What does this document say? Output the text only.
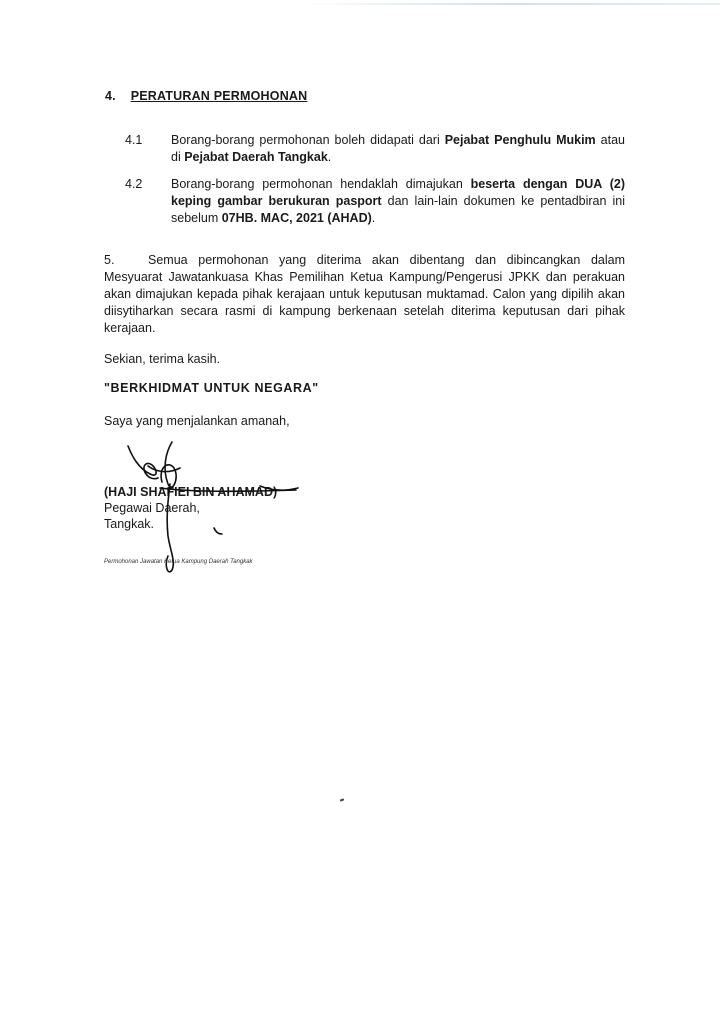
4. PERATURAN PERMOHONAN
4.1	Borang-borang permohonan boleh didapati dari Pejabat Penghulu Mukim atau di Pejabat Daerah Tangkak.
4.2	Borang-borang permohonan hendaklah dimajukan beserta dengan DUA (2) keping gambar berukuran pasport dan lain-lain dokumen ke pentadbiran ini sebelum 07HB. MAC, 2021 (AHAD).
5.	Semua permohonan yang diterima akan dibentang dan dibincangkan dalam Mesyuarat Jawatankuasa Khas Pemilihan Ketua Kampung/Pengerusi JPKK dan perakuan akan dimajukan kepada pihak kerajaan untuk keputusan muktamad. Calon yang dipilih akan diisytiharkan secara rasmi di kampung berkenaan setelah diterima keputusan dari pihak kerajaan.
Sekian, terima kasih.
"BERKHIDMAT UNTUK NEGARA"
Saya yang menjalankan amanah,
(HAJI SHAFIEI BIN AHAMAD)
Pegawai Daerah,
Tangkak.
Permohonan Jawatan Ketua Kampung Daerah Tangkak
